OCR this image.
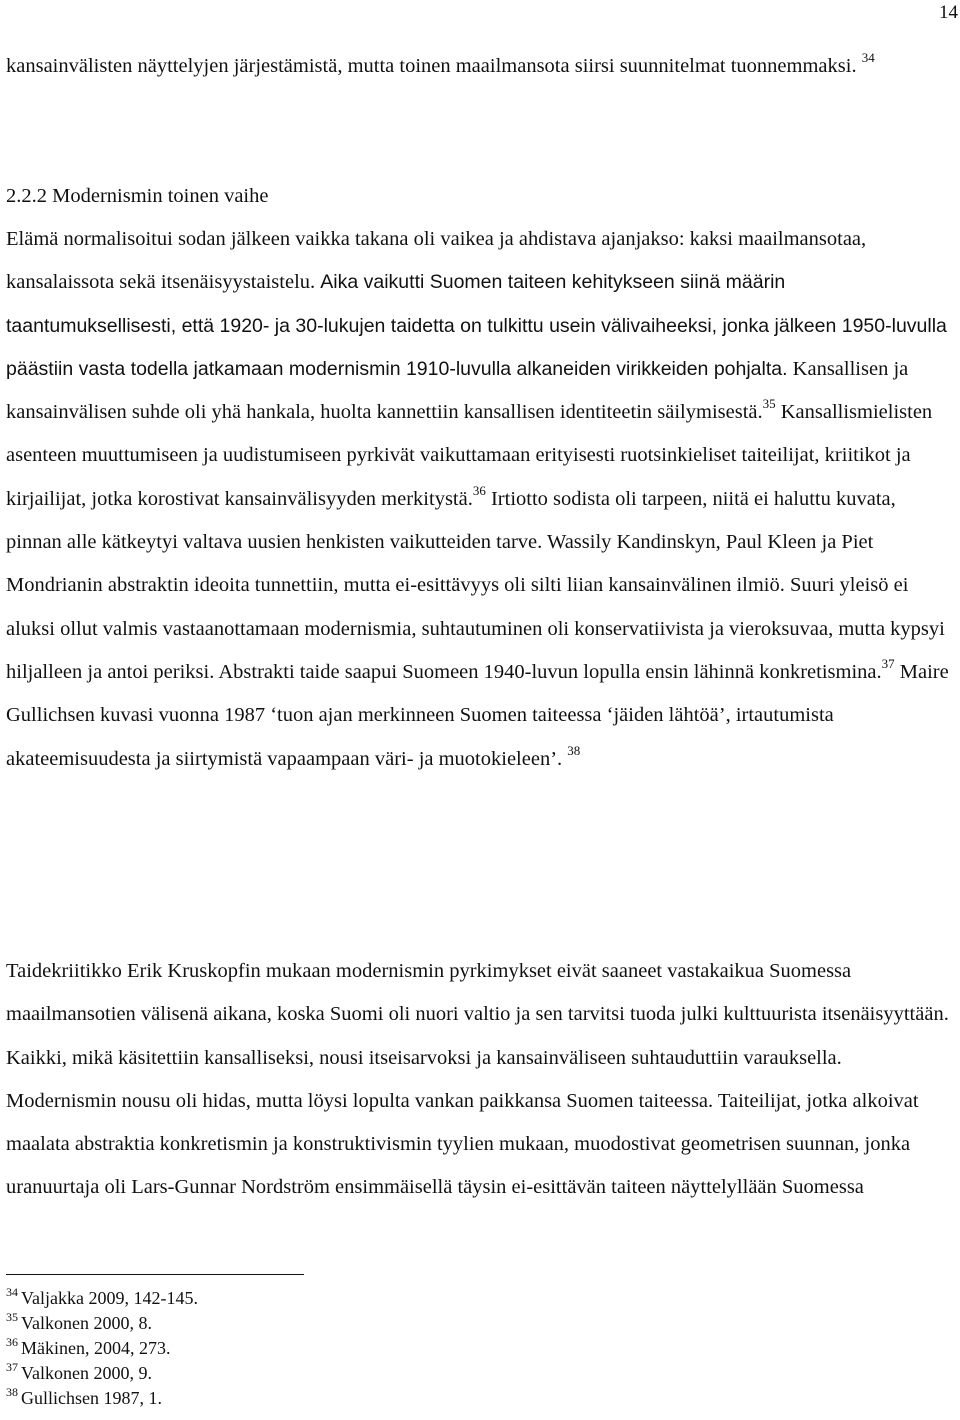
14

kansainvälisten näyttelyjen järjestämistä, mutta toinen maailmansota siirsi suunnitelmat tuonnemmaksi. $^{34}$

2.2.2 Modernismin toinen vaihe

Elämä normalisoitui sodan jälkeen vaikka takana oli vaikea ja ahdistava ajanjakso: kaksi maailmansotaa, kansalaissota sekä itsenäisyystaistelu. Aika vaikutti Suomen taiteen kehitykseen siinä määrin taantumuksellisesti, että 1920- ja 30-lukujen taidetta on tulkittu usein välivaiheeksi, jonka jälkeen 1950-luvulla päästiin vasta todella jatkamaan modernismin 1910-luvulla alkaneiden virikkeiden pohjalta. Kansallisen ja kansainvälisen suhde oli yhä hankala, huolta kannettiin kansallisen identiteetin säilymisestä.$^{35}$ Kansallismielisten asenteen muuttumiseen ja uudistumiseen pyrkivät vaikuttamaan erityisesti ruotsinkieliset taiteilijat, kriitikot ja kirjailijat, jotka korostivat kansainvälisyyden merkitystä.$^{36}$ Irtiotto sodista oli tarpeen, niitä ei haluttu kuvata, pinnan alle kätkeytyi valtava uusien henkisten vaikutteiden tarve. Wassily Kandinskyn, Paul Kleen ja Piet Mondrianin abstraktin ideoita tunnettiin, mutta ei-esittävyys oli silti liian kansainvälinen ilmiö. Suuri yleisö ei aluksi ollut valmis vastaanottamaan modernismia, suhtautuminen oli konservatiivista ja vieroksuvaa, mutta kypsyi hiljalleen ja antoi periksi. Abstrakti taide saapui Suomeen 1940-luvun lopulla ensin lähinnä konkretismina.$^{37}$ Maire Gullichsen kuvasi vuonna 1987 ‘tuon ajan merkinneen Suomen taiteessa ‘jäiden lähtöä’, irtautumista akateemisuudesta ja siirtymistä vapaampaan väri- ja muotokieleen’. $^{38}$

Taidekriitikko Erik Kruskopfin mukaan modernismin pyrkimykset eivät saaneet vastakaikua Suomessa maailmansotien välisenä aikana, koska Suomi oli nuori valtio ja sen tarvitsi tuoda julki kulttuurista itsenäisyyttään. Kaikki, mikä käsitettiin kansalliseksi, nousi itseisarvoksi ja kansainväliseen suhtauduttiin varauksella. Modernismin nousu oli hidas, mutta löysi lopulta vankan paikkansa Suomen taiteessa. Taiteilijat, jotka alkoivat maalata abstraktia konkretismin ja konstruktivismin tyylien mukaan, muodostivat geometrisen suunnan, jonka uranuurtaja oli Lars-Gunnar Nordström ensimmäisellä täysin ei-esittävän taiteen näyttelyllään Suomessa

$^{34}$ Valjakka 2009, 142-145.
$^{35}$ Valkonen 2000, 8.
$^{36}$ Mäkinen, 2004, 273.
$^{37}$ Valkonen 2000, 9.
$^{38}$ Gullichsen 1987, 1.
